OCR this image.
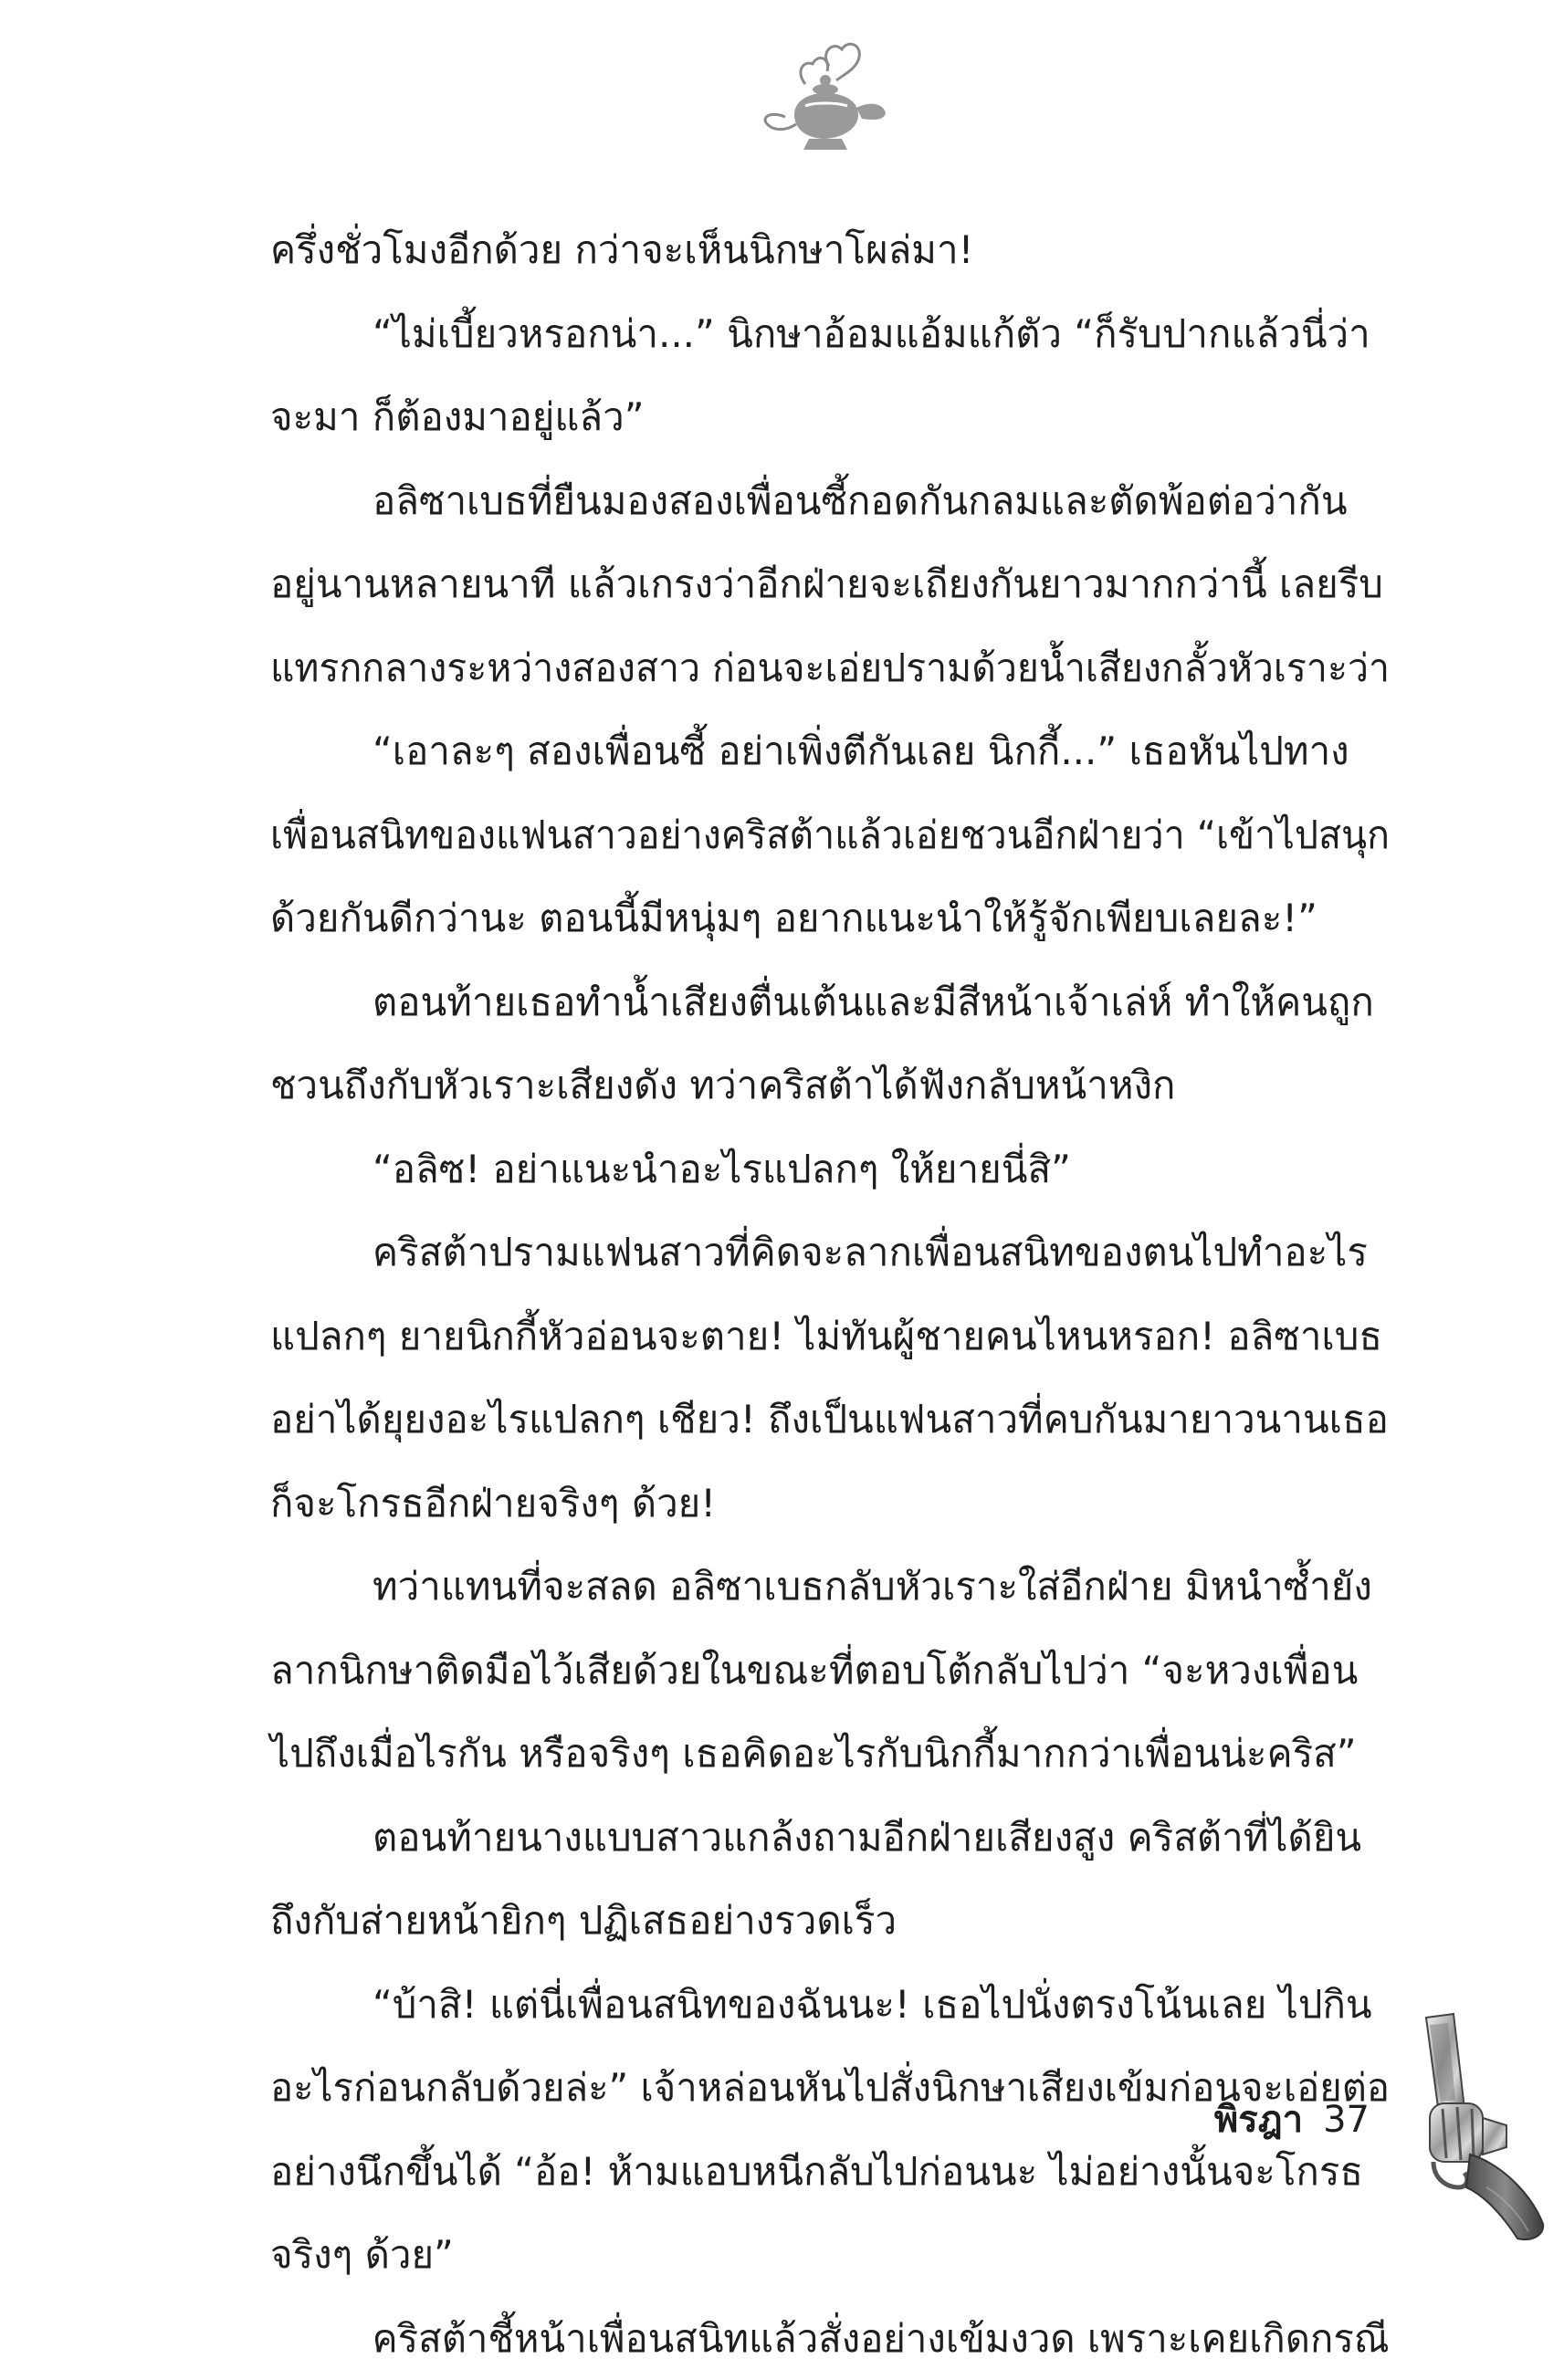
ครึ่งชั่วโมงอีกด้วย กว่าจะเห็นนิกษาโผล่มา!
“ไม่เบี้ยวหรอกน่า...” นิกษาอ้อมแอ้มแก้ตัว “ก็รับปากแล้วนี่ว่า
จะมา ก็ต้องมาอยู่แล้ว”
อลิซาเบธที่ยืนมองสองเพื่อนซี้กอดกันกลมและตัดพ้อต่อว่ากัน
อยู่นานหลายนาที แล้วเกรงว่าอีกฝ่ายจะเถียงกันยาวมากกว่านี้ เลยรีบ
แทรกกลางระหว่างสองสาว ก่อนจะเอ่ยปรามด้วยน้ำเสียงกลั้วหัวเราะว่า
“เอาละๆ สองเพื่อนซี้ อย่าเพิ่งตีกันเลย นิกกี้...” เธอหันไปทาง
เพื่อนสนิทของแฟนสาวอย่างคริสต้าแล้วเอ่ยชวนอีกฝ่ายว่า “เข้าไปสนุก
ด้วยกันดีกว่านะ ตอนนี้มีหนุ่มๆ อยากแนะนำให้รู้จักเพียบเลยละ!”
ตอนท้ายเธอทำน้ำเสียงตื่นเต้นและมีสีหน้าเจ้าเล่ห์ ทำให้คนถูก
ชวนถึงกับหัวเราะเสียงดัง ทว่าคริสต้าได้ฟังกลับหน้าหงิก
“อลิซ! อย่าแนะนำอะไรแปลกๆ ให้ยายนี่สิ”
คริสต้าปรามแฟนสาวที่คิดจะลากเพื่อนสนิทของตนไปทำอะไร
แปลกๆ ยายนิกกี้หัวอ่อนจะตาย! ไม่ทันผู้ชายคนไหนหรอก! อลิซาเบธ
อย่าได้ยุยงอะไรแปลกๆ เชียว! ถึงเป็นแฟนสาวที่คบกันมายาวนานเธอ
ก็จะโกรธอีกฝ่ายจริงๆ ด้วย!
ทว่าแทนที่จะสลด อลิซาเบธกลับหัวเราะใส่อีกฝ่าย มิหนำซ้ำยัง
ลากนิกษาติดมือไว้เสียด้วยในขณะที่ตอบโต้กลับไปว่า “จะหวงเพื่อน
ไปถึงเมื่อไรกัน หรือจริงๆ เธอคิดอะไรกับนิกกี้มากกว่าเพื่อนน่ะคริส”
ตอนท้ายนางแบบสาวแกล้งถามอีกฝ่ายเสียงสูง คริสต้าที่ได้ยิน
ถึงกับส่ายหน้ายิกๆ ปฏิเสธอย่างรวดเร็ว
“บ้าสิ! แต่นี่เพื่อนสนิทของฉันนะ! เธอไปนั่งตรงโน้นเลย ไปกิน
อะไรก่อนกลับด้วยล่ะ” เจ้าหล่อนหันไปสั่งนิกษาเสียงเข้มก่อนจะเอ่ยต่อ
อย่างนึกขึ้นได้ “อ้อ! ห้ามแอบหนีกลับไปก่อนนะ ไม่อย่างนั้นจะโกรธ
จริงๆ ด้วย”
คริสต้าชี้หน้าเพื่อนสนิทแล้วสั่งอย่างเข้มงวด เพราะเคยเกิดกรณี
พิรฎา 37
